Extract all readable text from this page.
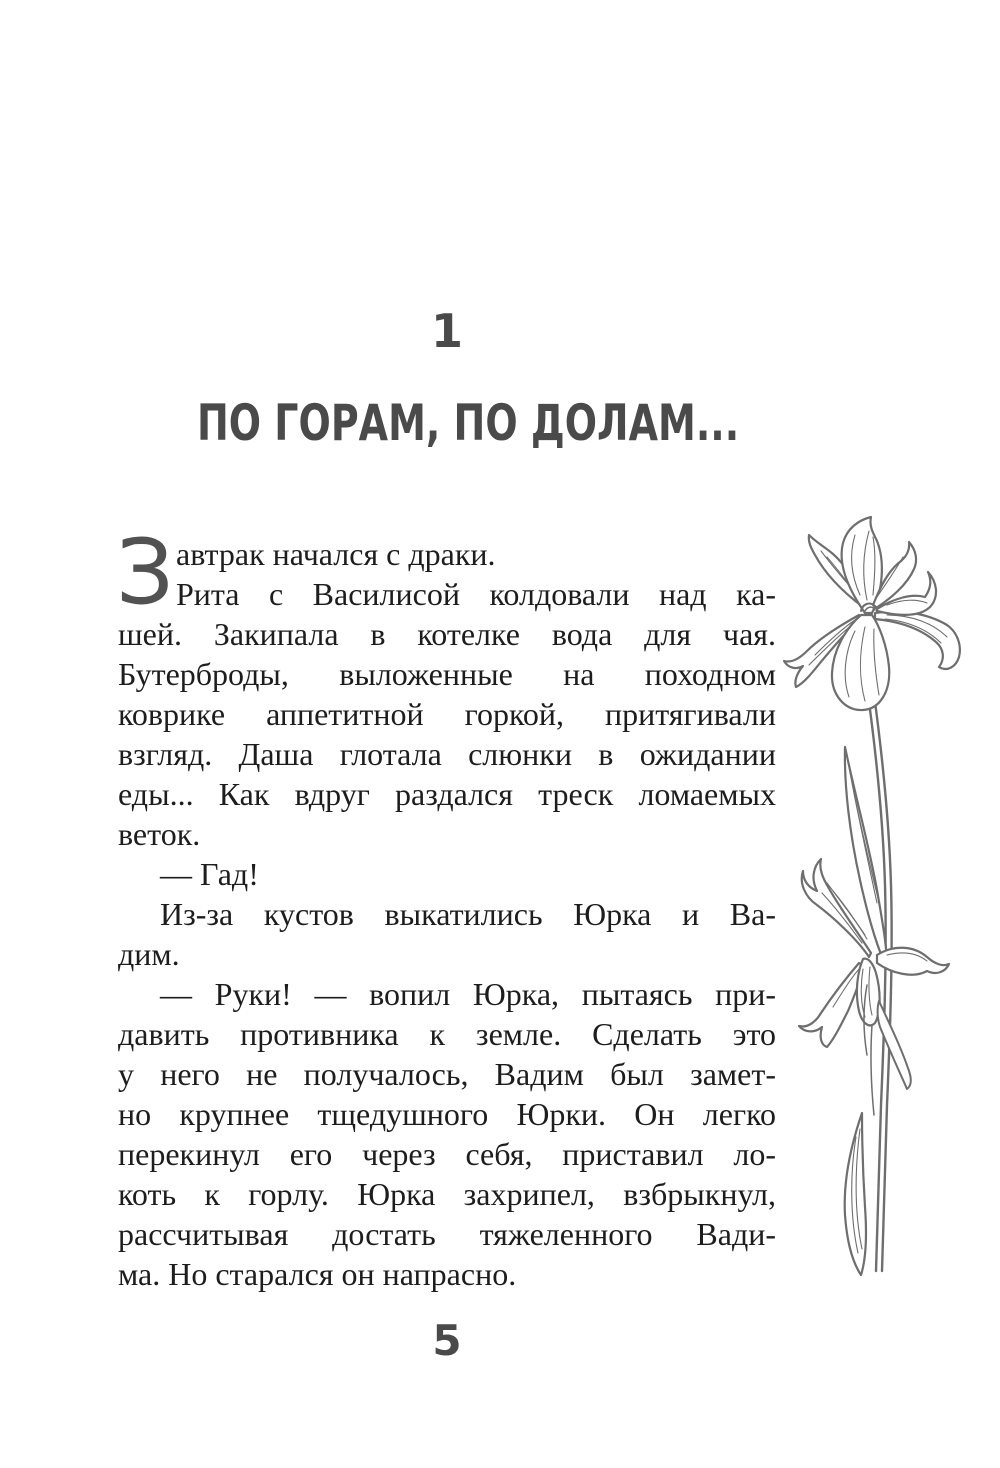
1
ПО ГОРАМ, ПО ДОЛАМ...
З автрак начался с драки.
Рита с Василисой колдовали над ка-
шей. Закипала в котелке вода для чая.
Бутерброды, выложенные на походном
коврике аппетитной горкой, притягивали
взгляд. Даша глотала слюнки в ожидании
еды... Как вдруг раздался треск ломаемых
веток.
— Гад!
Из-за кустов выкатились Юрка и Ва-
дим.
— Руки! — вопил Юрка, пытаясь при-
давить противника к земле. Сделать это
у него не получалось, Вадим был замет-
но крупнее тщедушного Юрки. Он легко
перекинул его через себя, приставил ло-
коть к горлу. Юрка захрипел, взбрыкнул,
рассчитывая достать тяжеленного Вади-
ма. Но старался он напрасно.
5
